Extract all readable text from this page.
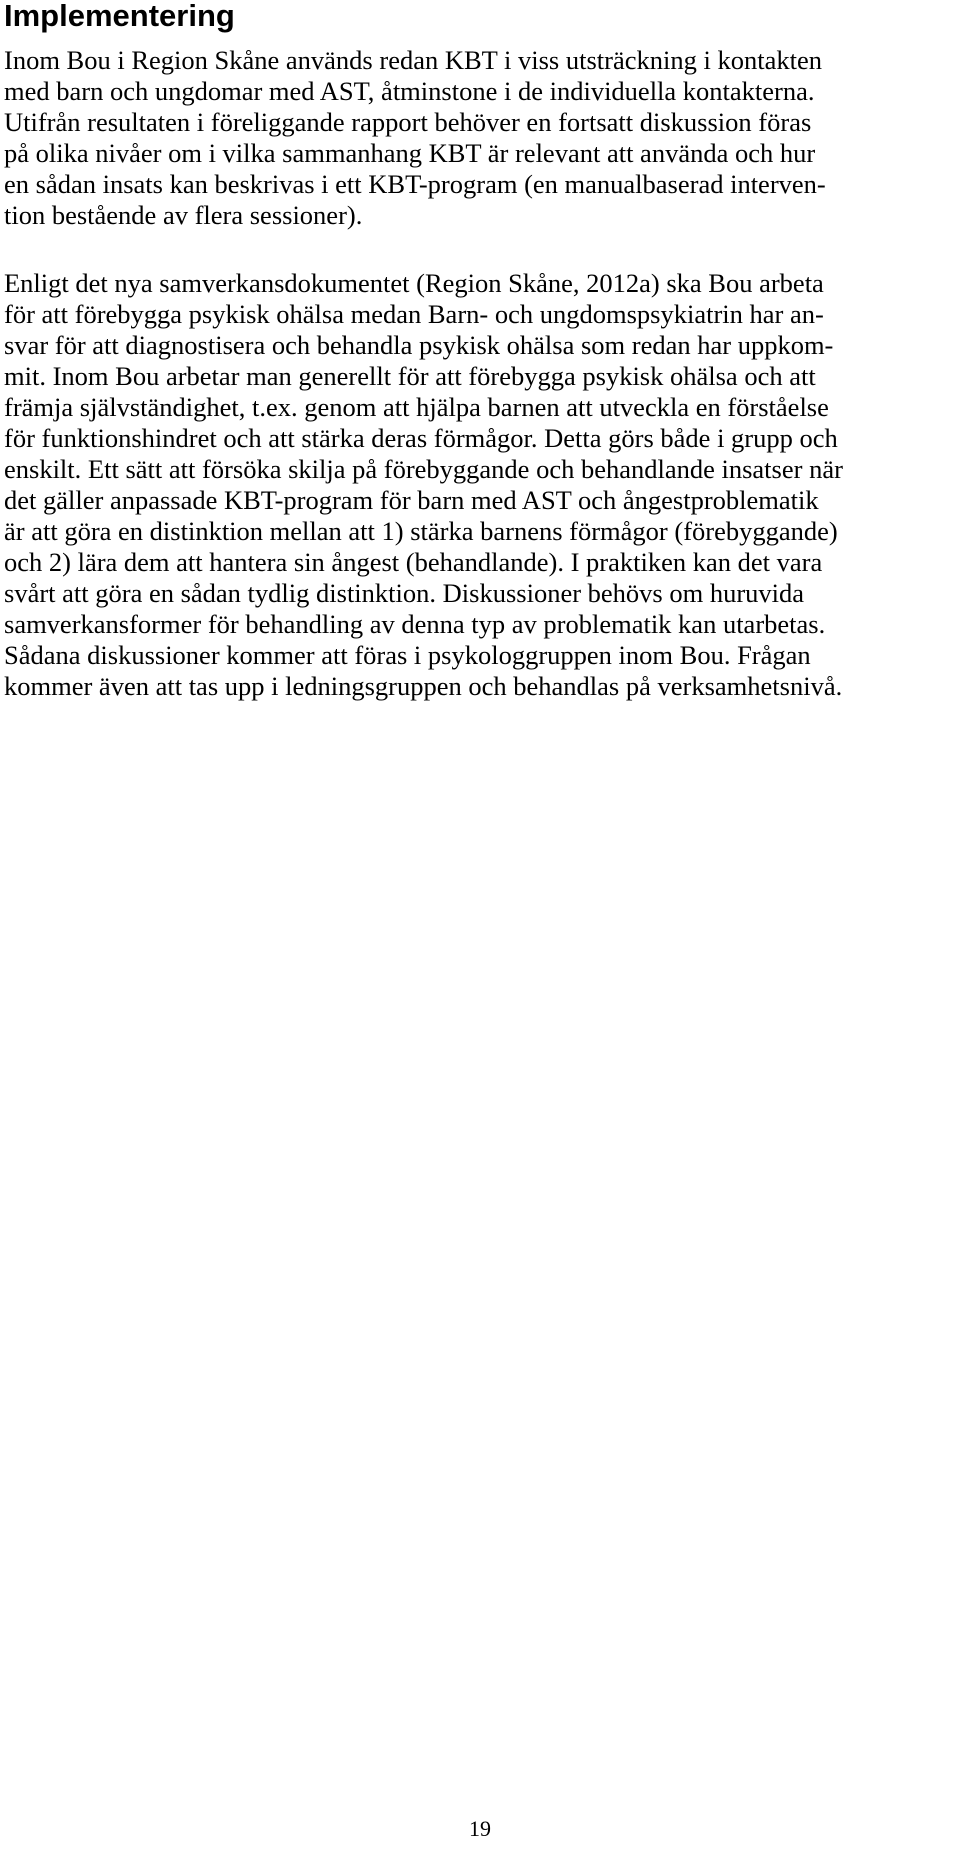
Implementering

Inom Bou i Region Skåne används redan KBT i viss utsträckning i kontakten

med barn och ungdomar med AST, åtminstone i de individuella kontakterna.

Utifrån resultaten i föreliggande rapport behöver en fortsatt diskussion föras

på olika nivåer om i vilka sammanhang KBT är relevant att använda och hur

en sådan insats kan beskrivas i ett KBT-program (en manualbaserad interven-

tion bestående av flera sessioner).

Enligt det nya samverkansdokumentet (Region Skåne, 2012a) ska Bou arbeta

för att förebygga psykisk ohälsa medan Barn- och ungdomspsykiatrin har an-

svar för att diagnostisera och behandla psykisk ohälsa som redan har uppkom-

mit. Inom Bou arbetar man generellt för att förebygga psykisk ohälsa och att

främja självständighet, t.ex. genom att hjälpa barnen att utveckla en förståelse

för funktionshindret och att stärka deras förmågor. Detta görs både i grupp och

enskilt. Ett sätt att försöka skilja på förebyggande och behandlande insatser när

det gäller anpassade KBT-program för barn med AST och ångestproblematik

är att göra en distinktion mellan att 1) stärka barnens förmågor (förebyggande)

och 2) lära dem att hantera sin ångest (behandlande). I praktiken kan det vara

svårt att göra en sådan tydlig distinktion. Diskussioner behövs om huruvida

samverkansformer för behandling av denna typ av problematik kan utarbetas.

Sådana diskussioner kommer att föras i psykologgruppen inom Bou. Frågan

kommer även att tas upp i ledningsgruppen och behandlas på verksamhetsnivå.

19
